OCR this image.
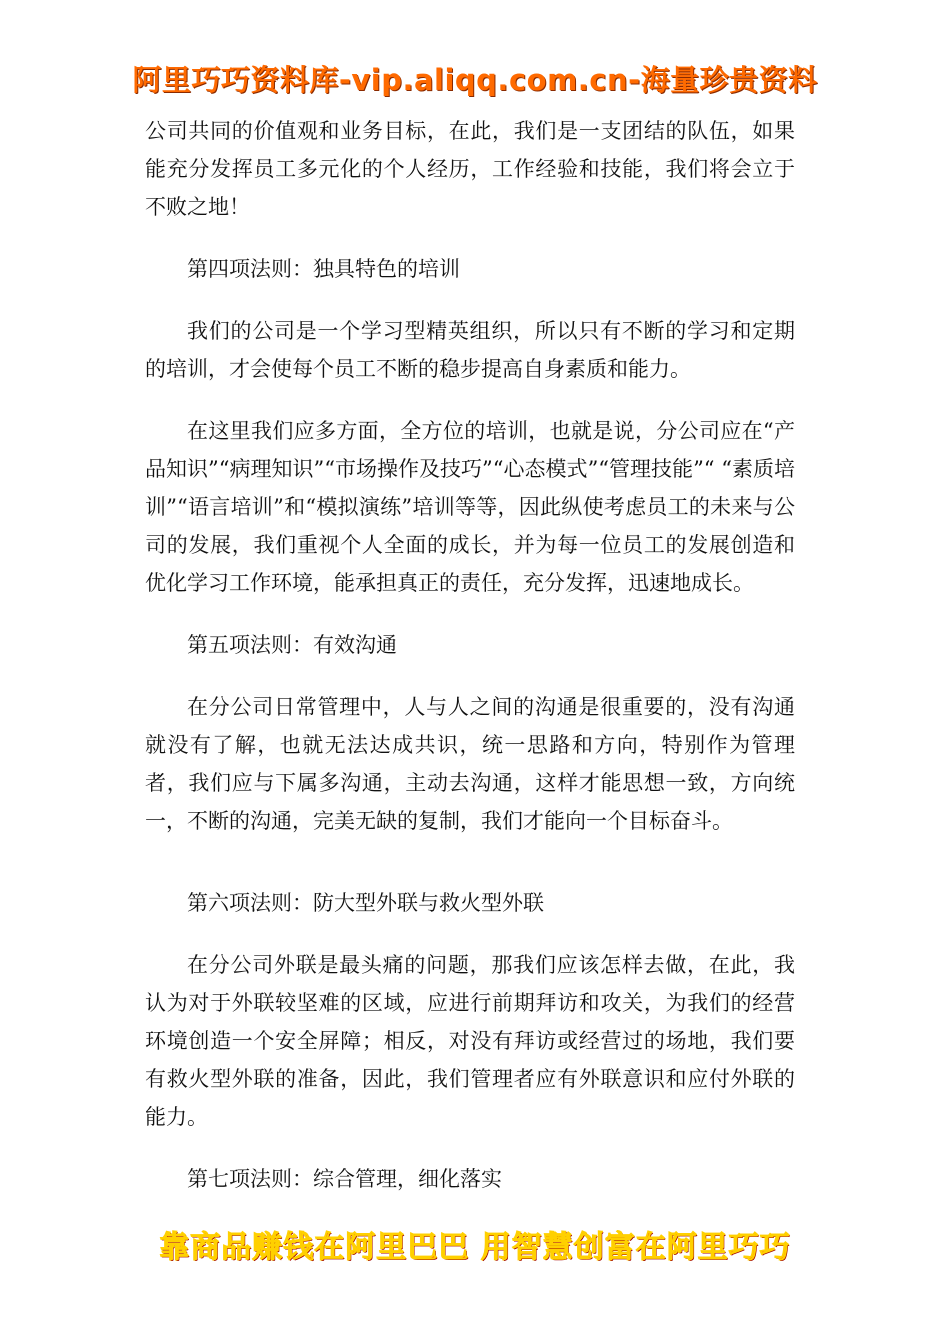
阿里巧巧资料库-vip.aliqq.com.cn-海量珍贵资料

公司共同的价值观和业务目标，在此，我们是一支团结的队伍，如果能充分发挥员工多元化的个人经历，工作经验和技能，我们将会立于不败之地！

第四项法则：独具特色的培训

我们的公司是一个学习型精英组织，所以只有不断的学习和定期的培训，才会使每个员工不断的稳步提高自身素质和能力。

在这里我们应多方面，全方位的培训，也就是说，分公司应在“产品知识”“病理知识”“市场操作及技巧”“心态模式”“管理技能”“ “素质培训”“语言培训”和“模拟演练”培训等等，因此纵使考虑员工的未来与公司的发展，我们重视个人全面的成长，并为每一位员工的发展创造和优化学习工作环境，能承担真正的责任，充分发挥，迅速地成长。

第五项法则：有效沟通

在分公司日常管理中，人与人之间的沟通是很重要的，没有沟通就没有了解，也就无法达成共识，统一思路和方向，特别作为管理者，我们应与下属多沟通，主动去沟通，这样才能思想一致，方向统一，不断的沟通，完美无缺的复制，我们才能向一个目标奋斗。

第六项法则：防大型外联与救火型外联

在分公司外联是最头痛的问题，那我们应该怎样去做，在此，我认为对于外联较坚难的区域，应进行前期拜访和攻关，为我们的经营环境创造一个安全屏障；相反，对没有拜访或经营过的场地，我们要有救火型外联的准备，因此，我们管理者应有外联意识和应付外联的能力。

第七项法则：综合管理，细化落实

靠商品赚钱在阿里巴巴 用智慧创富在阿里巧巧
